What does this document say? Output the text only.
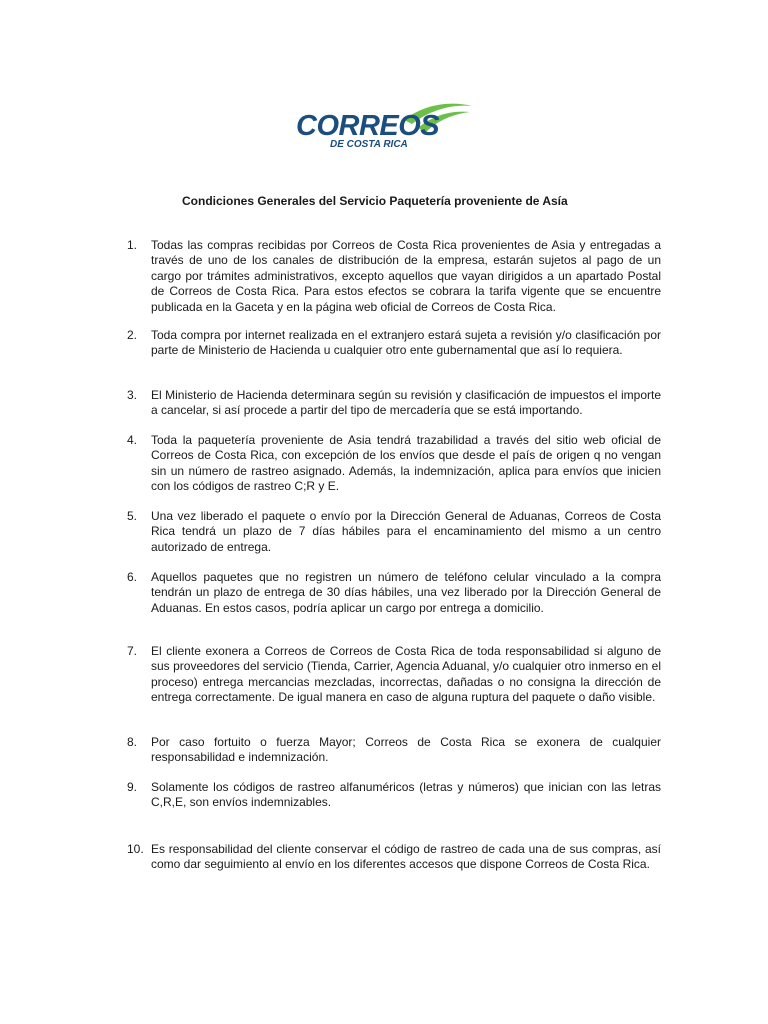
CORREOS
DE COSTA RICA
Condiciones Generales del Servicio Paquetería proveniente de Asía
1.	Todas las compras recibidas por Correos de Costa Rica provenientes de Asia y entregadas a través de uno de los canales de distribución de la empresa, estarán sujetos al pago de un cargo por trámites administrativos, excepto aquellos que vayan dirigidos a un apartado Postal de Correos de Costa Rica. Para estos efectos se cobrara la tarifa vigente que se encuentre publicada en la Gaceta y en la página web oficial de Correos de Costa Rica.
2.	Toda compra por internet realizada en el extranjero estará sujeta a revisión y/o clasificación por parte de Ministerio de Hacienda u cualquier otro ente gubernamental que así lo requiera.
3.	El Ministerio de Hacienda determinara según su revisión y clasificación de impuestos el importe a cancelar, si así procede a partir del tipo de mercadería que se está importando.
4.	Toda la paquetería proveniente de Asia tendrá trazabilidad a través del sitio web oficial de Correos de Costa Rica, con excepción de los envíos que desde el país de origen q no vengan sin un número de rastreo asignado. Además, la indemnización, aplica para envíos que inicien con los códigos de rastreo C;R y E.
5.	Una vez liberado el paquete o envío por la Dirección General de Aduanas, Correos de Costa Rica tendrá un plazo de 7 días hábiles para el encaminamiento del mismo a un centro autorizado de entrega.
6.	Aquellos paquetes que no registren un número de teléfono celular vinculado a la compra tendrán un plazo de entrega de 30 días hábiles, una vez liberado por la Dirección General de Aduanas. En estos casos, podría aplicar un cargo por entrega a domicilio.
7.	El cliente exonera a Correos de Correos de Costa Rica de toda responsabilidad si alguno de sus proveedores del servicio (Tienda, Carrier, Agencia Aduanal, y/o cualquier otro inmerso en el proceso) entrega mercancias mezcladas, incorrectas, dañadas o no consigna la dirección de entrega correctamente. De igual manera en caso de alguna ruptura del paquete o daño visible.
8.	Por caso fortuito o fuerza Mayor; Correos de Costa Rica se exonera de cualquier responsabilidad e indemnización.
9.	Solamente los códigos de rastreo alfanuméricos (letras y números) que inician con las letras C,R,E, son envíos indemnizables.
10. Es responsabilidad del cliente conservar el código de rastreo de cada una de sus compras, así como dar seguimiento al envío en los diferentes accesos que dispone Correos de Costa Rica.
